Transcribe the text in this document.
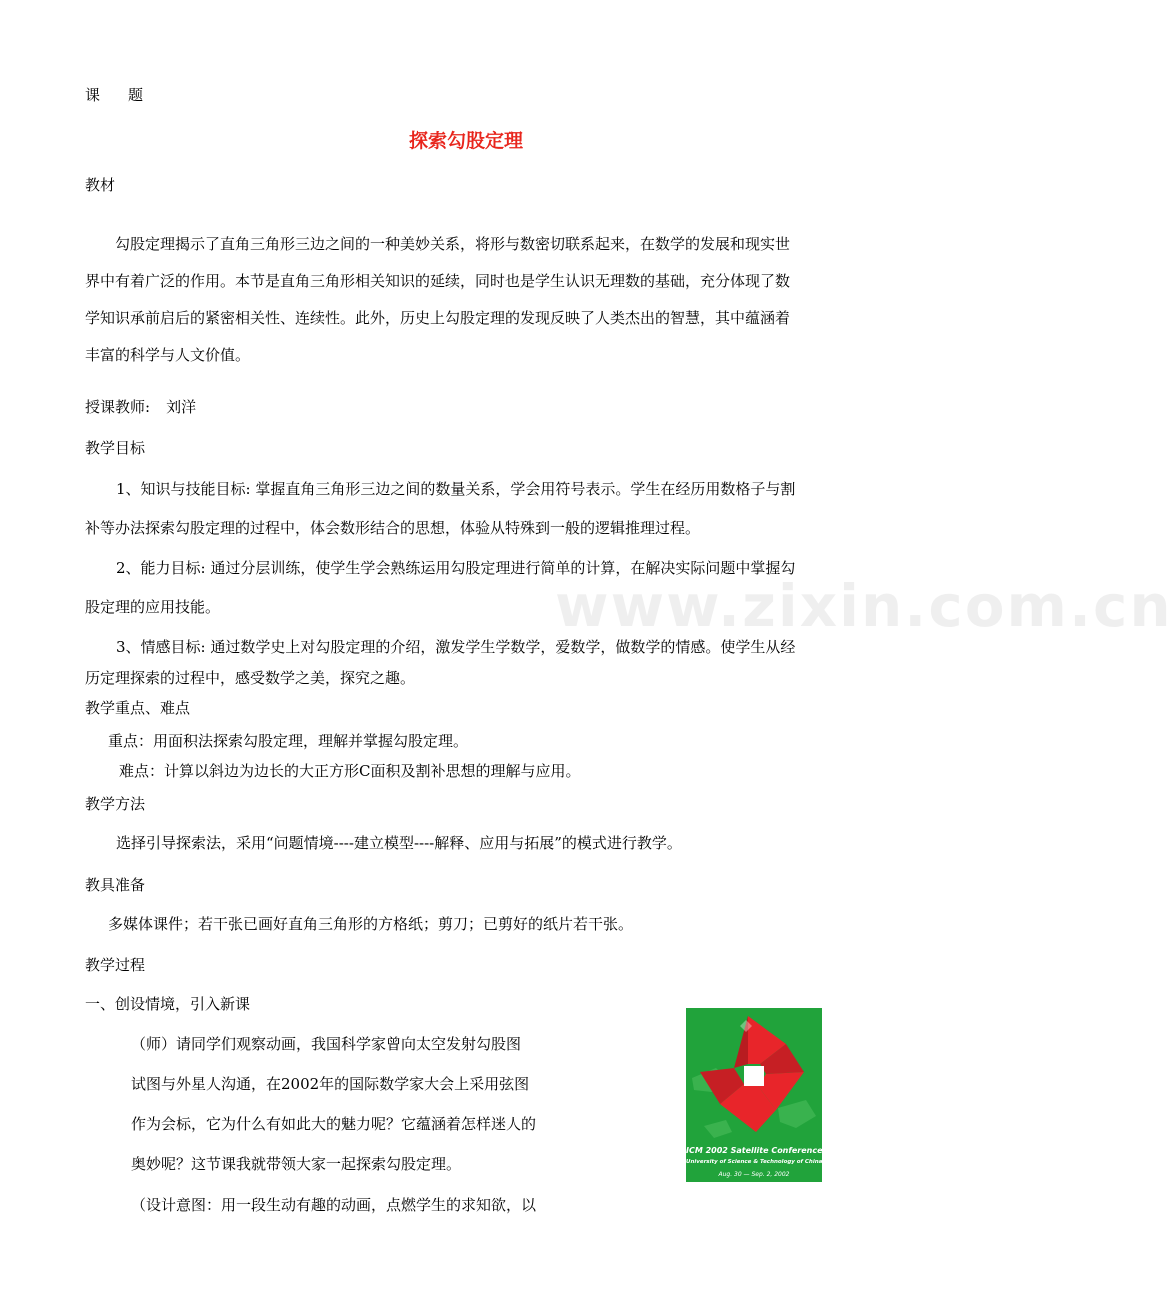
课 题
探索勾股定理
教材
勾股定理揭示了直角三角形三边之间的一种美妙关系，将形与数密切联系起来，在数学的发展和现实世
界中有着广泛的作用。本节是直角三角形相关知识的延续，同时也是学生认识无理数的基础，充分体现了数
学知识承前启后的紧密相关性、连续性。此外，历史上勾股定理的发现反映了人类杰出的智慧，其中蕴涵着
丰富的科学与人文价值。
授课教师: 刘洋
教学目标
1、知识与技能目标: 掌握直角三角形三边之间的数量关系，学会用符号表示。学生在经历用数格子与割
补等办法探索勾股定理的过程中，体会数形结合的思想，体验从特殊到一般的逻辑推理过程。
2、能力目标: 通过分层训练，使学生学会熟练运用勾股定理进行简单的计算，在解决实际问题中掌握勾
股定理的应用技能。
3、情感目标: 通过数学史上对勾股定理的介绍，激发学生学数学，爱数学，做数学的情感。使学生从经
历定理探索的过程中，感受数学之美，探究之趣。
www.zixin.com.cn
教学重点、难点
重点：用面积法探索勾股定理，理解并掌握勾股定理。
难点：计算以斜边为边长的大正方形C面积及割补思想的理解与应用。
教学方法
选择引导探索法，采用“问题情境----建立模型----解释、应用与拓展”的模式进行教学。
教具准备
多媒体课件；若干张已画好直角三角形的方格纸；剪刀；已剪好的纸片若干张。
教学过程
一、创设情境，引入新课
（师）请同学们观察动画，我国科学家曾向太空发射勾股图
试图与外星人沟通，在2002年的国际数学家大会上采用弦图
作为会标，它为什么有如此大的魅力呢？它蕴涵着怎样迷人的
奥妙呢？这节课我就带领大家一起探索勾股定理。
（设计意图：用一段生动有趣的动画，点燃学生的求知欲，以
ICM 2002 Satellite Conference
University of Science & Technology of China
Aug. 30 — Sep. 2, 2002
